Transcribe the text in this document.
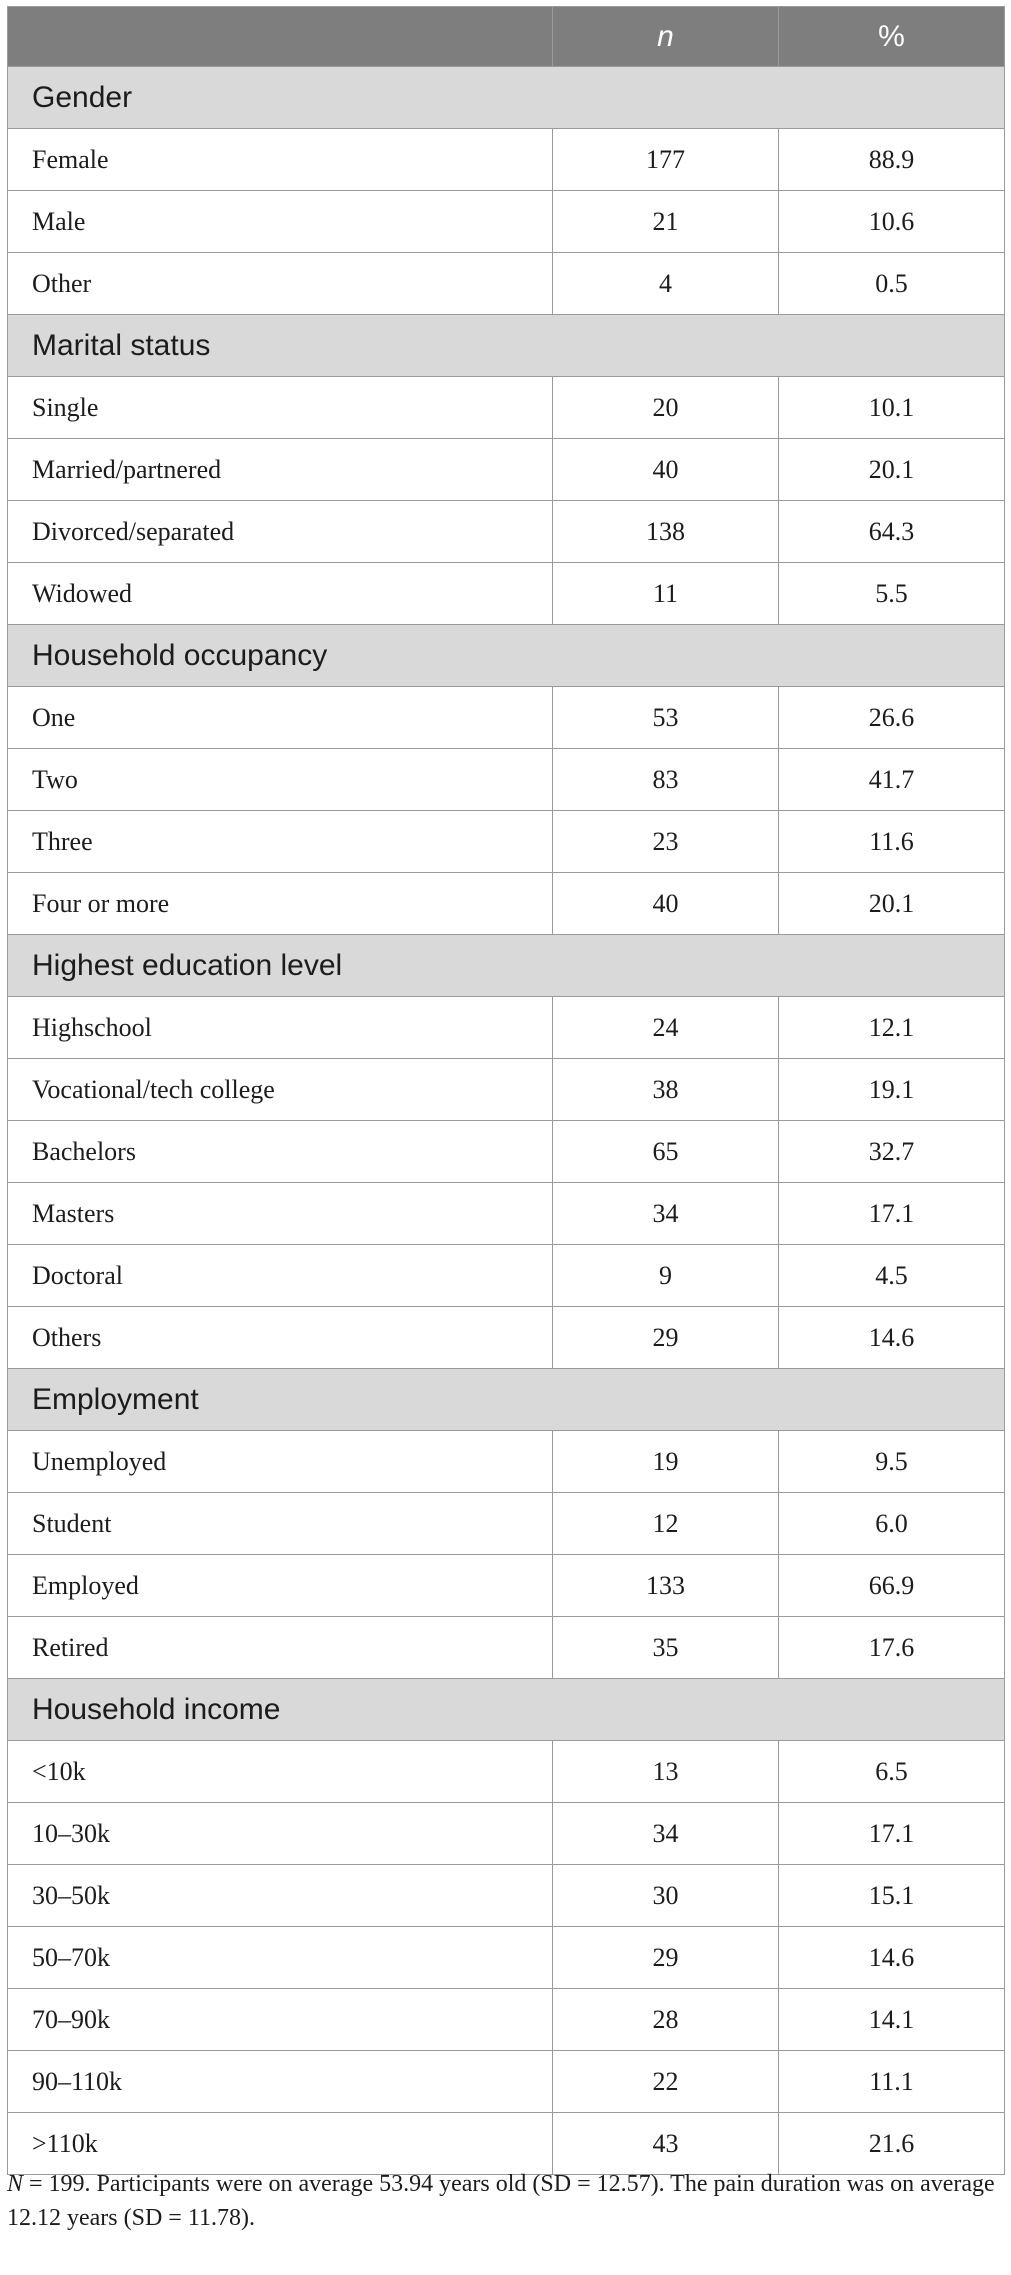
	n	%
Gender		
Female	177	88.9
Male	21	10.6
Other	4	0.5
Marital status		
Single	20	10.1
Married/partnered	40	20.1
Divorced/separated	138	64.3
Widowed	11	5.5
Household occupancy		
One	53	26.6
Two	83	41.7
Three	23	11.6
Four or more	40	20.1
Highest education level		
Highschool	24	12.1
Vocational/tech college	38	19.1
Bachelors	65	32.7
Masters	34	17.1
Doctoral	9	4.5
Others	29	14.6
Employment		
Unemployed	19	9.5
Student	12	6.0
Employed	133	66.9
Retired	35	17.6
Household income		
<10k	13	6.5
10–30k	34	17.1
30–50k	30	15.1
50–70k	29	14.6
70–90k	28	14.1
90–110k	22	11.1
>110k	43	21.6

N = 199. Participants were on average 53.94 years old (SD = 12.57). The pain duration was on average 12.12 years (SD = 11.78).
